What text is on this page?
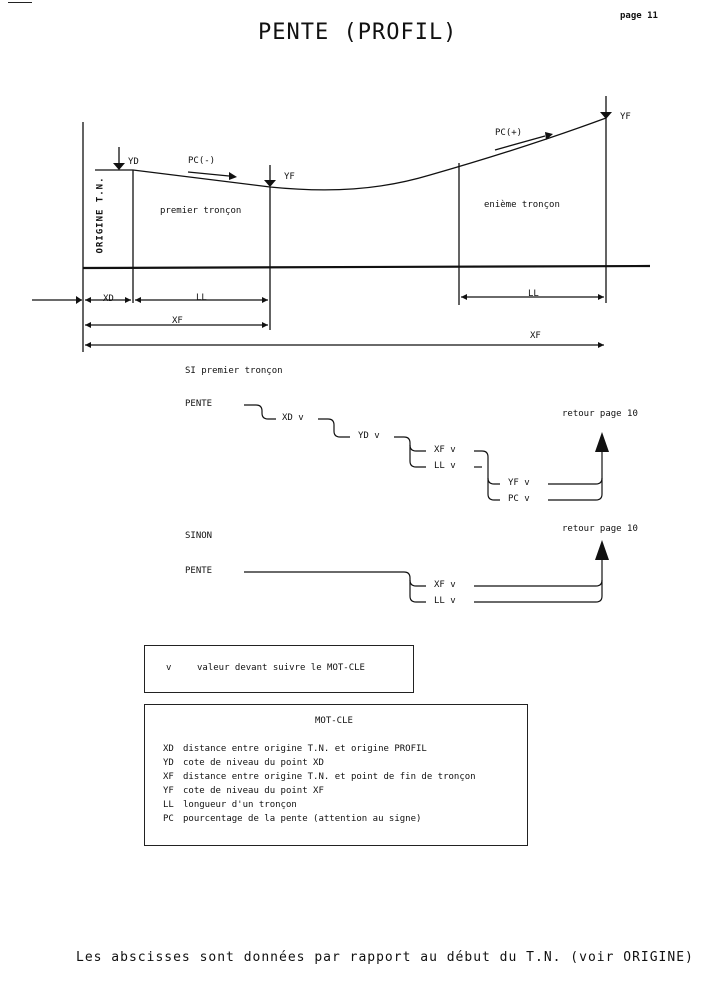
page 11
PENTE (PROFIL)
ORIGINE T.N.
YD	PC(-)
YF
PC(+)
YF
premier tronçon
enième tronçon
XD	LL
XF
LL
XF
SI premier tronçon
PENTE
XD v
YD v
XF v
LL v
YF v
PC v
retour page 10
SINON
PENTE
XF v
LL v
retour page 10
v	valeur devant suivre le MOT-CLE
MOT-CLE
XD distance entre origine T.N. et origine PROFIL
YD cote de niveau du point XD
XF distance entre origine T.N. et point de fin de tronçon
YF cote de niveau du point XF
LL longueur d'un tronçon
PC pourcentage de la pente (attention au signe)
Les abscisses sont données par rapport au début du T.N. (voir ORIGINE)
